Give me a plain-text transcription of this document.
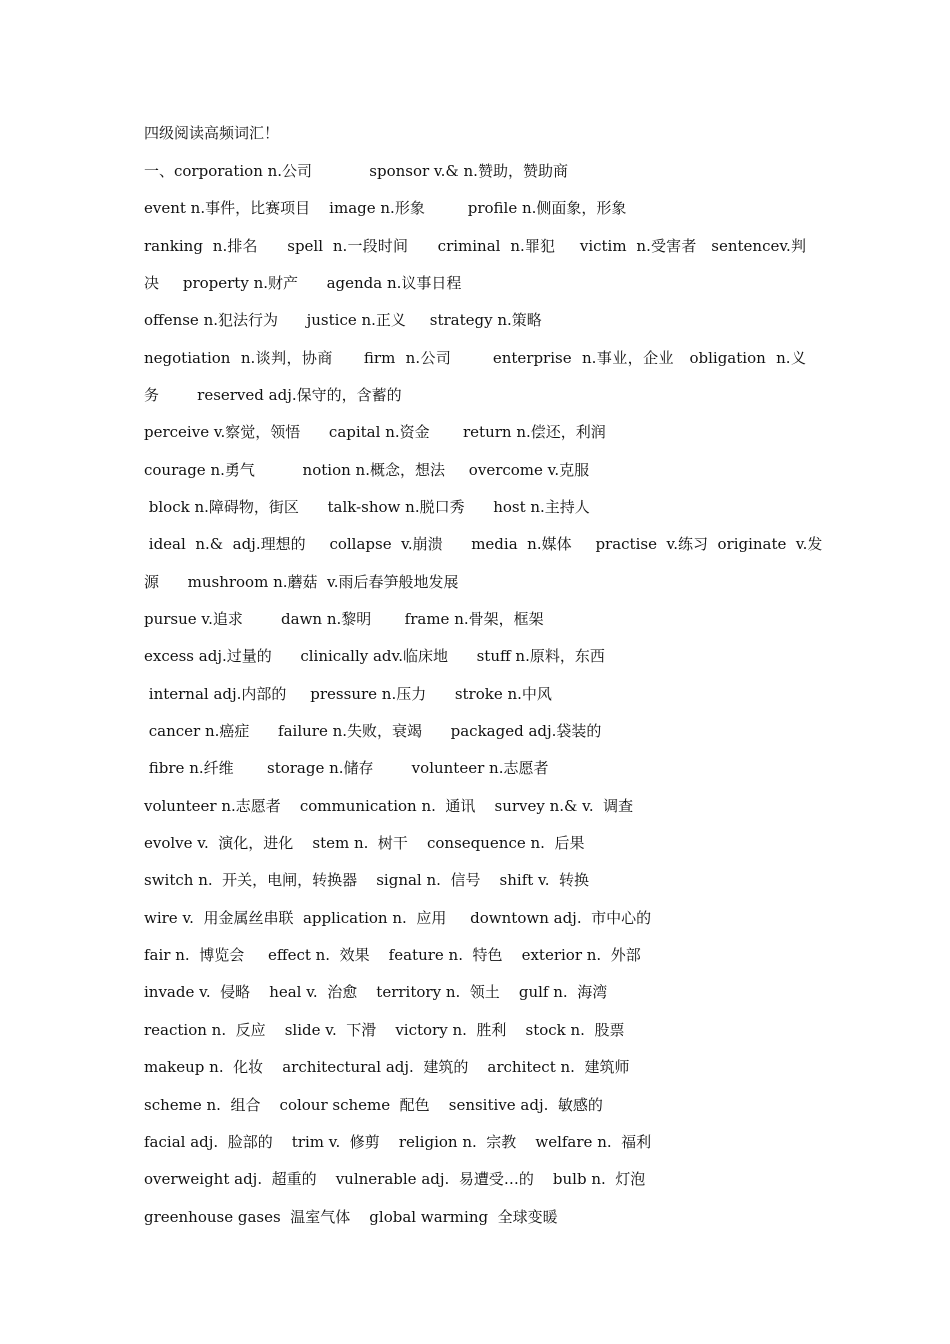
四级阅读高频词汇！
一、corporation n.公司            sponsor v.& n.赞助，赞助商
event n.事件，比赛项目    image n.形象         profile n.侧面象，形象
ranking  n.排名      spell  n.一段时间      criminal  n.罪犯     victim  n.受害者   sentencev.判
决     property n.财产      agenda n.议事日程
offense n.犯法行为      justice n.正义     strategy n.策略
negotiation  n.谈判，协商      firm  n.公司        enterprise  n.事业，企业   obligation  n.义
务        reserved adj.保守的，含蓄的
perceive v.察觉，领悟      capital n.资金       return n.偿还，利润
courage n.勇气          notion n.概念，想法     overcome v.克服
block n.障碍物，街区      talk-show n.脱口秀      host n.主持人
ideal  n.&  adj.理想的     collapse  v.崩溃      media  n.媒体     practise  v.练习  originate  v.发
源      mushroom n.蘑菇  v.雨后春笋般地发展
pursue v.追求        dawn n.黎明       frame n.骨架，框架
excess adj.过量的      clinically adv.临床地      stuff n.原料，东西
internal adj.内部的     pressure n.压力      stroke n.中风
cancer n.癌症      failure n.失败，衰竭      packaged adj.袋装的
fibre n.纤维       storage n.储存        volunteer n.志愿者
volunteer n.志愿者    communication n.  通讯    survey n.& v.  调查
evolve v.  演化，进化    stem n.  树干    consequence n.  后果
switch n.  开关，电闸，转换器    signal n.  信号    shift v.  转换
wire v.  用金属丝串联  application n.  应用     downtown adj.  市中心的
fair n.  博览会     effect n.  效果    feature n.  特色    exterior n.  外部
invade v.  侵略    heal v.  治愈    territory n.  领土    gulf n.  海湾
reaction n.  反应    slide v.  下滑    victory n.  胜利    stock n.  股票
makeup n.  化妆    architectural adj.  建筑的    architect n.  建筑师
scheme n.  组合    colour scheme  配色    sensitive adj.  敏感的
facial adj.  脸部的    trim v.  修剪    religion n.  宗教    welfare n.  福利
overweight adj.  超重的    vulnerable adj.  易遭受…的    bulb n.  灯泡
greenhouse gases  温室气体    global warming  全球变暖
